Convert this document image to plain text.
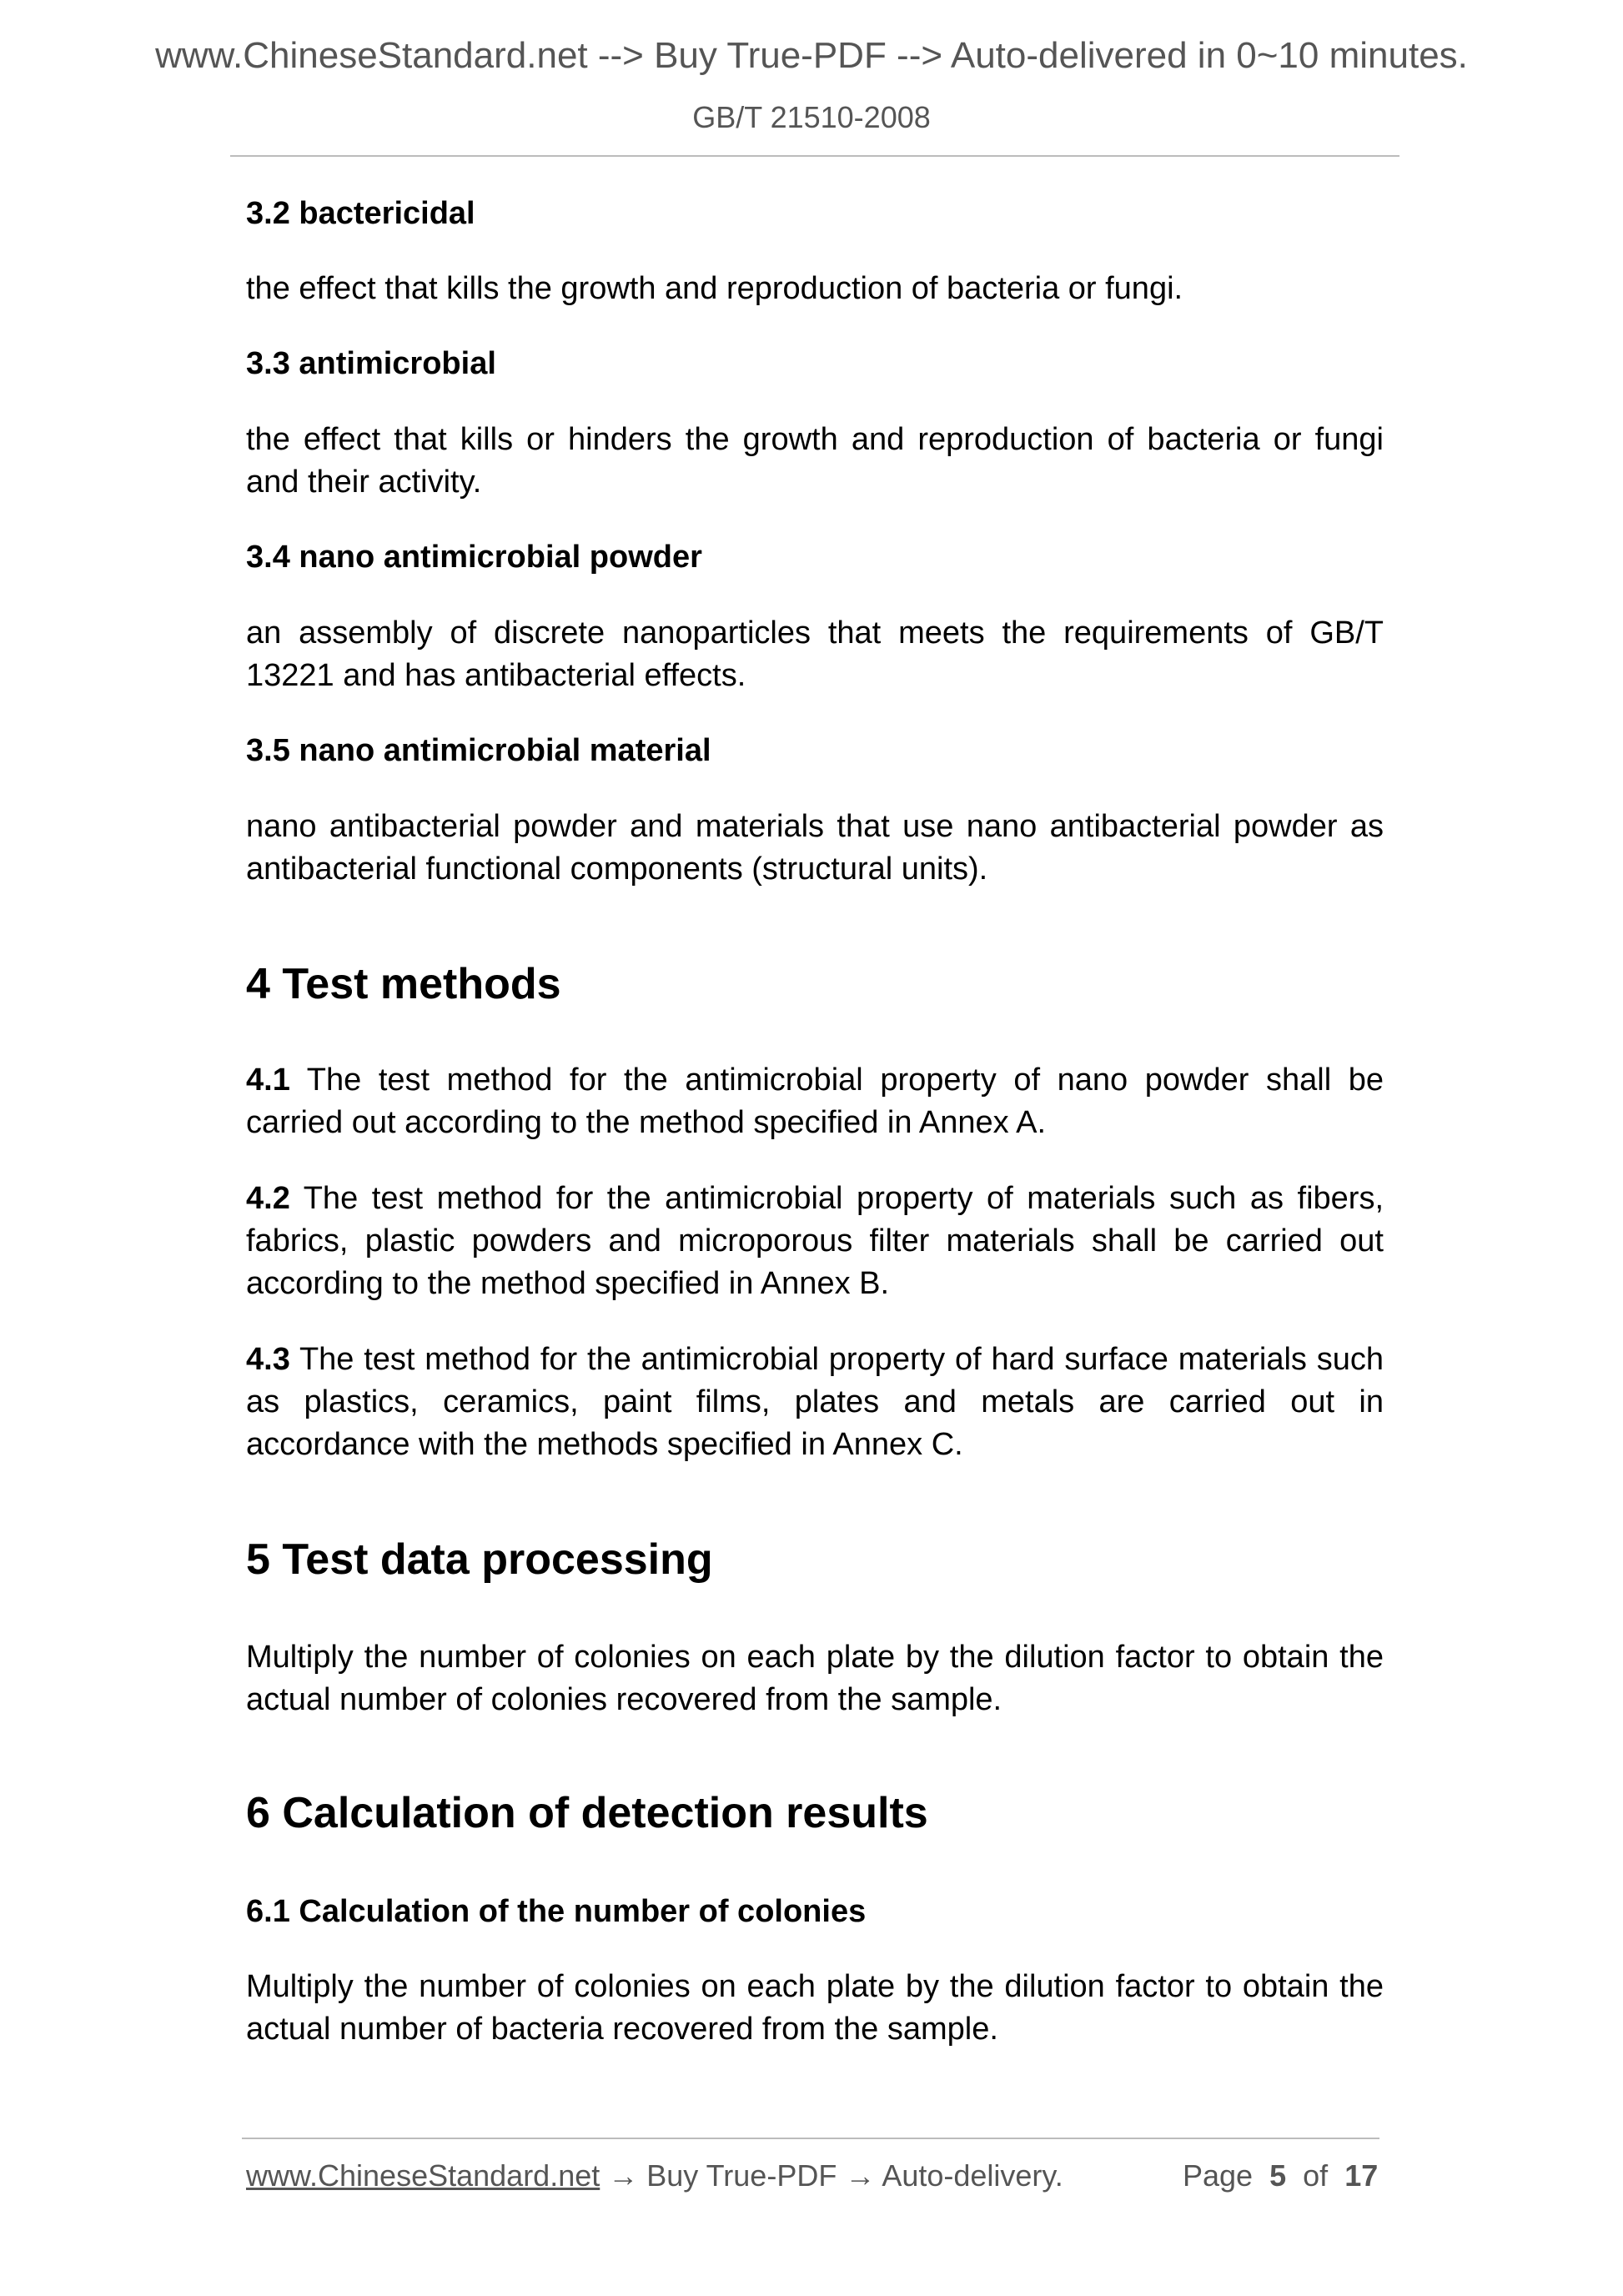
www.ChineseStandard.net --> Buy True-PDF --> Auto-delivered in 0~10 minutes.
GB/T 21510-2008

3.2 bactericidal

the effect that kills the growth and reproduction of bacteria or fungi.

3.3 antimicrobial

the effect that kills or hinders the growth and reproduction of bacteria or fungi and their activity.

3.4 nano antimicrobial powder

an assembly of discrete nanoparticles that meets the requirements of GB/T 13221 and has antibacterial effects.

3.5 nano antimicrobial material

nano antibacterial powder and materials that use nano antibacterial powder as antibacterial functional components (structural units).

4 Test methods

4.1 The test method for the antimicrobial property of nano powder shall be carried out according to the method specified in Annex A.

4.2 The test method for the antimicrobial property of materials such as fibers, fabrics, plastic powders and microporous filter materials shall be carried out according to the method specified in Annex B.

4.3 The test method for the antimicrobial property of hard surface materials such as plastics, ceramics, paint films, plates and metals are carried out in accordance with the methods specified in Annex C.

5 Test data processing

Multiply the number of colonies on each plate by the dilution factor to obtain the actual number of colonies recovered from the sample.

6 Calculation of detection results

6.1 Calculation of the number of colonies

Multiply the number of colonies on each plate by the dilution factor to obtain the actual number of bacteria recovered from the sample.

www.ChineseStandard.net → Buy True-PDF → Auto-delivery.	Page 5 of 17
